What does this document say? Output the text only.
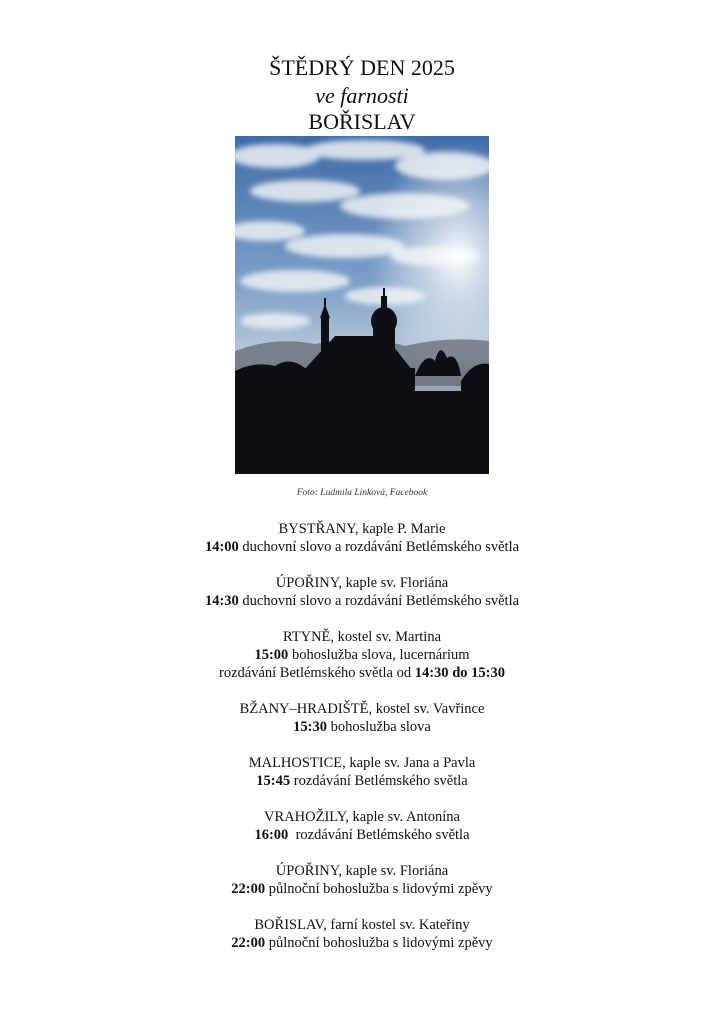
ŠTĚDRÝ DEN 2025
ve farnosti
BOŘISLAV
Foto: Ludmila Linková, Facebook
BYSTŘANY, kaple P. Marie
14:00 duchovní slovo a rozdávání Betlémského světla
ÚPOŘINY, kaple sv. Floriána
14:30 duchovní slovo a rozdávání Betlémského světla
RTYNĚ, kostel sv. Martina
15:00 bohoslužba slova, lucernárium
rozdávání Betlémského světla od 14:30 do 15:30
BŽANY–HRADIŠTĚ, kostel sv. Vavřince
15:30 bohoslužba slova
MALHOSTICE, kaple sv. Jana a Pavla
15:45 rozdávání Betlémského světla
VRAHOŽILY, kaple sv. Antonína
16:00  rozdávání Betlémského světla
ÚPOŘINY, kaple sv. Floriána
22:00 půlnoční bohoslužba s lidovými zpěvy
BOŘISLAV, farní kostel sv. Kateřiny
22:00 půlnoční bohoslužba s lidovými zpěvy
